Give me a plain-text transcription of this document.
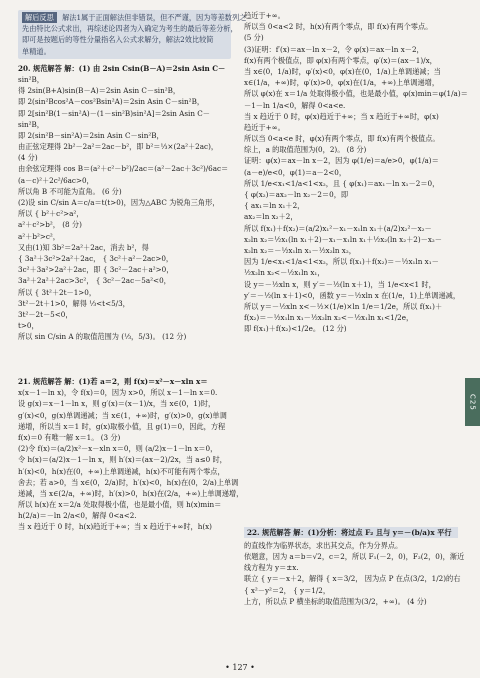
解后反思 解法1属于正面解法但非错误，但不严谨，因为等差数列之
先由特比公式求出，再综述论四者为入确定为考生的最后等差分析，
即可是按题后的等性分量指名入公式求解分，解法2效比较简
单精道。
20. 规范解答 解：(1) 由 2sin Csin(B－A)＝2sin Asin C－
sin²B，
得 2sin(B+A)sin(B－A)＝2sin Asin C－sin²B，
即 2(sin²Bcos²A－cos²Bsin²A)＝2sin Asin C－sin²B，
即 2[sin²B(1－sin²A)－(1－sin²B)sin²A]＝2sin Asin C－
sin²B，
即 2(sin²B－sin²A)＝2sin Asin C－sin²B，
由正弦定理得 2b²－2a²＝2ac－b²，即 b²＝⅓×(2a²＋2ac)，
(4 分)
由余弦定理得 cos B＝(a²＋c²－b²)/2ac＝(a²－2ac＋3c²)/6ac＝
(a－c)²＋2c²/6ac>0，
所以角 B 不可能为直角。 (6 分)
(2)设 sin C/sin A＝c/a＝t(t>0)，因为△ABC 为锐角三角形，
所以 { b²＋c²>a²，
a²＋c²>b²， (8 分)
a²＋b²>c²，
又由(1)知 3b²＝2a²＋2ac，消去 b²，得
{ 3a²＋3c²>2a²＋2ac， { 3c²＋a²－2ac>0，
3c²＋3a²>2a²＋2ac，即 { 3c²－2ac＋a²>0，
3a²＋2a²＋2ac>3c²， { 3c²－2ac－5a²<0，
所以 { 3t²＋2t－1>0，
3t²－2t＋1>0，解得 ⅓<t<5/3，
3t²－2t－5<0，
t>0，
所以 sin C/sin A 的取值范围为 (⅓，5/3)。 (12 分)
21. 规范解答 解：(1)若 a＝2，则 f(x)＝x²－x－xln x＝
x(x－1－ln x)，令 f(x)＝0，因为 x>0，所以 x－1－ln x＝0.
设 g(x)＝x－1－ln x，则 g′(x)＝(x－1)/x，当 x∈(0，1)时，
g′(x)<0，g(x)单调递减；当 x∈(1，+∞)时，g′(x)>0，g(x)单调
递增，所以当 x＝1 时，g(x)取极小值，且 g(1)＝0，因此，方程
f(x)＝0 有唯一解 x＝1。 (3 分)
(2)令 f(x)＝(a/2)x²－x－xln x＝0，则 (a/2)x－1－ln x＝0，
令 h(x)＝(a/2)x－1－ln x，则 h′(x)＝(ax－2)/2x，当 a≤0 时，
h′(x)<0，h(x)在(0，+∞)上单调递减，h(x)不可能有两个零点，
舍去；若 a>0，当 x∈(0，2/a)时，h′(x)<0，h(x)在(0，2/a)上单调
递减，当 x∈(2/a，+∞)时，h′(x)>0，h(x)在(2/a，+∞)上单调递增，
所以 h(x)在 x＝2/a 处取得极小值，也是最小值，则 h(x)min＝
h(2/a)＝－ln 2/a<0，解得 0<a<2.
当 x 趋近于 0 时，h(x)趋近于+∞；当 x 趋近于+∞时，h(x)
趋近于+∞。
所以当 0<a<2 时，h(x)有两个零点，即 f(x)有两个零点。
(5 分)
(3)证明：f′(x)＝ax－ln x－2，令 φ(x)＝ax－ln x－2，
f(x)有两个极值点，即 φ(x)有两个零点，φ′(x)＝(ax－1)/x，
当 x∈(0，1/a)时，φ′(x)<0，φ(x)在(0，1/a)上单调递减；当
x∈(1/a，+∞)时，φ′(x)>0，φ(x)在(1/a，+∞)上单调递增，
所以 φ(x)在 x＝1/a 处取得极小值，也是最小值，φ(x)min＝φ(1/a)＝
－1－ln 1/a<0，解得 0<a<e.
当 x 趋近于 0 时，φ(x)趋近于+∞；当 x 趋近于+∞时，φ(x)
趋近于+∞。
所以当 0<a<e 时，φ(x)有两个零点，即 f(x)有两个极值点。
综上，a 的取值范围为(0，2)。 (8 分)
证明：φ(x)＝ax－ln x－2，因为 φ(1/e)＝a/e>0，φ(1/a)＝
(a－e)/e<0，φ(1)＝a－2<0，
所以 1/e<x₁<1/a<1<x₂，且 { φ(x₁)＝ax₁－ln x₁－2＝0，
{ φ(x₂)＝ax₂－ln x₂－2＝0，即
{ ax₁＝ln x₁＋2，
ax₂＝ln x₂＋2，
所以 f(x₁)＋f(x₂)＝(a/2)x₁²－x₁－x₁ln x₁＋(a/2)x₂²－x₂－
x₂ln x₂＝½x₁(ln x₁＋2)－x₁－x₁ln x₁＋½x₂(ln x₂＋2)－x₂－
x₂ln x₂＝－½x₁ln x₁－½x₂ln x₂，
因为 1/e<x₁<1/a<1<x₂，所以 f(x₁)＋f(x₂)＝－½x₁ln x₁－
½x₂ln x₂<－½x₁ln x₁，
设 y＝－½xln x，则 y′＝－½(ln x＋1)，当 1/e<x<1 时，
y′＝－½(ln x＋1)<0，函数 y＝－½xln x 在(1/e，1)上单调递减，
所以 y＝－½xln x<－½×(1/e)×ln 1/e＝1/2e，所以 f(x₁)＋
f(x₂)＝－½x₁ln x₁－½x₂ln x₂<－½x₁ln x₁<1/2e，
即 f(x₁)＋f(x₂)<1/2e。 (12 分)
22. 规范解答 解：(1)分析：将过点 F₂ 且与 y＝－(b/a)x 平行
的直线作为临界状态，求出其交点，作为分界点。
依题意，因为 a＝b＝√2，c＝2，所以 F₁(－2，0)，F₂(2，0)，渐近
线方程为 y＝±x.
联立 { y＝－x＋2，解得 { x＝3/2， 因为点 P 在点(3/2，1/2)的右
{ x²－y²＝2， { y＝1/2，
上方，所以点 P 横坐标的取值范围为(3/2，+∞)。 (4 分)
C25
• 127 •
